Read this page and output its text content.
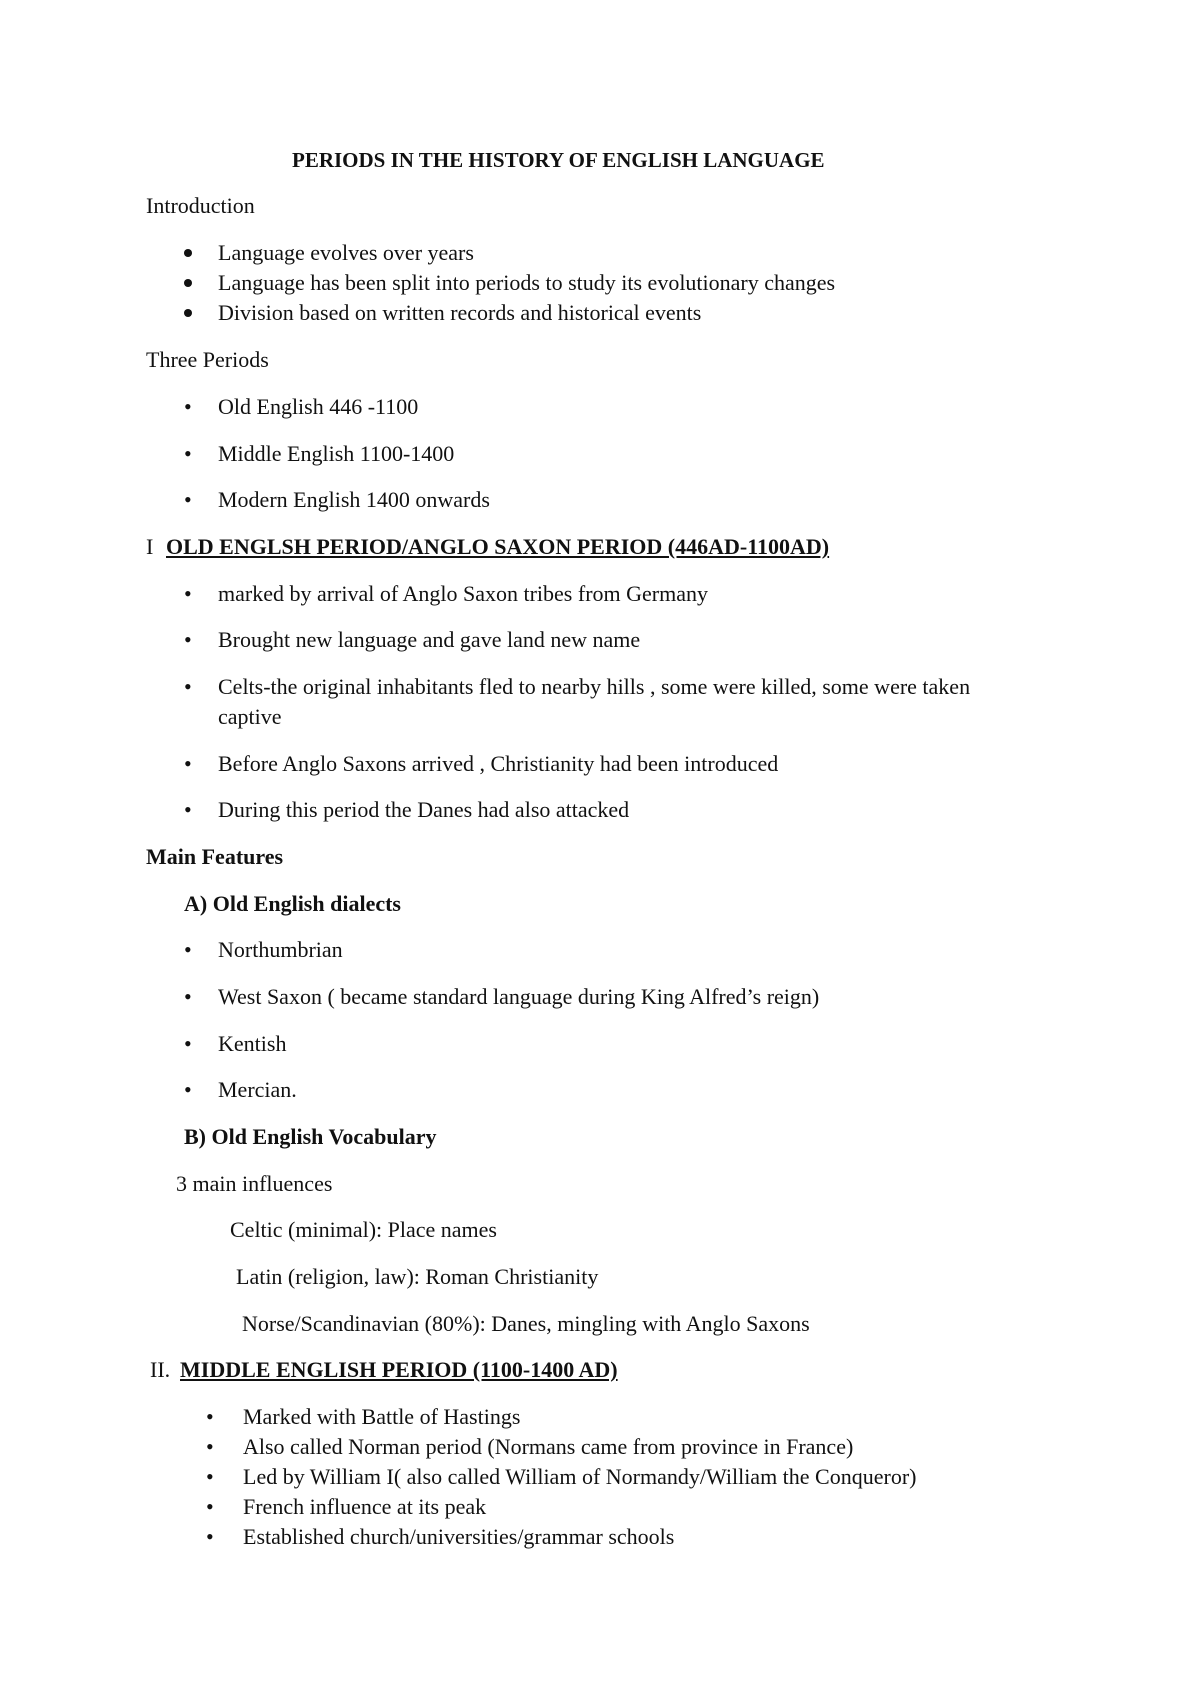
PERIODS IN THE HISTORY OF ENGLISH LANGUAGE
Introduction
Language evolves over years
Language has been split into periods to study its evolutionary changes
Division based on written records and historical events
Three Periods
• Old English 446 -1100
• Middle English 1100-1400
• Modern English 1400 onwards
I OLD ENGLSH PERIOD/ANGLO SAXON PERIOD (446AD-1100AD)
• marked by arrival of Anglo Saxon tribes from Germany
• Brought new language and gave land new name
• Celts-the original inhabitants fled to nearby hills , some were killed, some were taken
captive
• Before Anglo Saxons arrived , Christianity had been introduced
• During this period the Danes had also attacked
Main Features
A) Old English dialects
• Northumbrian
• West Saxon ( became standard language during King Alfred’s reign)
• Kentish
• Mercian.
B) Old English Vocabulary
3 main influences
Celtic (minimal): Place names
Latin (religion, law): Roman Christianity
Norse/Scandinavian (80%): Danes, mingling with Anglo Saxons
II. MIDDLE ENGLISH PERIOD (1100-1400 AD)
• Marked with Battle of Hastings
• Also called Norman period (Normans came from province in France)
• Led by William I( also called William of Normandy/William the Conqueror)
• French influence at its peak
• Established church/universities/grammar schools
